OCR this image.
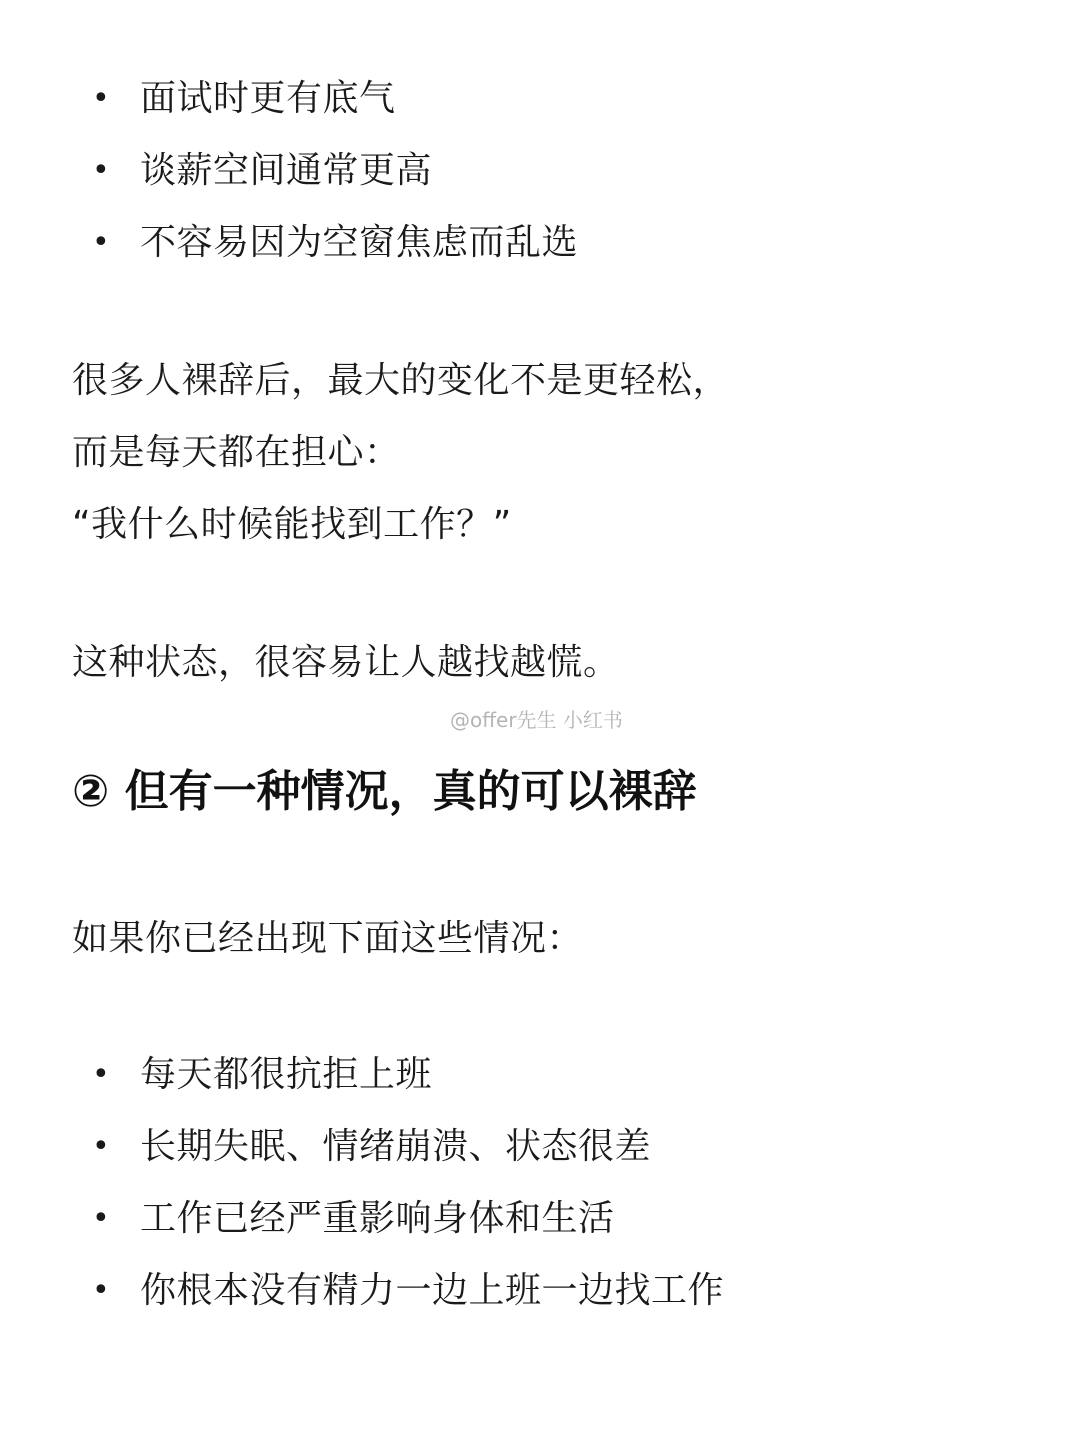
• 面试时更有底气
• 谈薪空间通常更高
• 不容易因为空窗焦虑而乱选
很多人裸辞后，最大的变化不是更轻松，
而是每天都在担心：
“我什么时候能找到工作？”
这种状态，很容易让人越找越慌。
@offer先生 小红书
② 但有一种情况，真的可以裸辞
如果你已经出现下面这些情况：
• 每天都很抗拒上班
• 长期失眠、情绪崩溃、状态很差
• 工作已经严重影响身体和生活
• 你根本没有精力一边上班一边找工作
